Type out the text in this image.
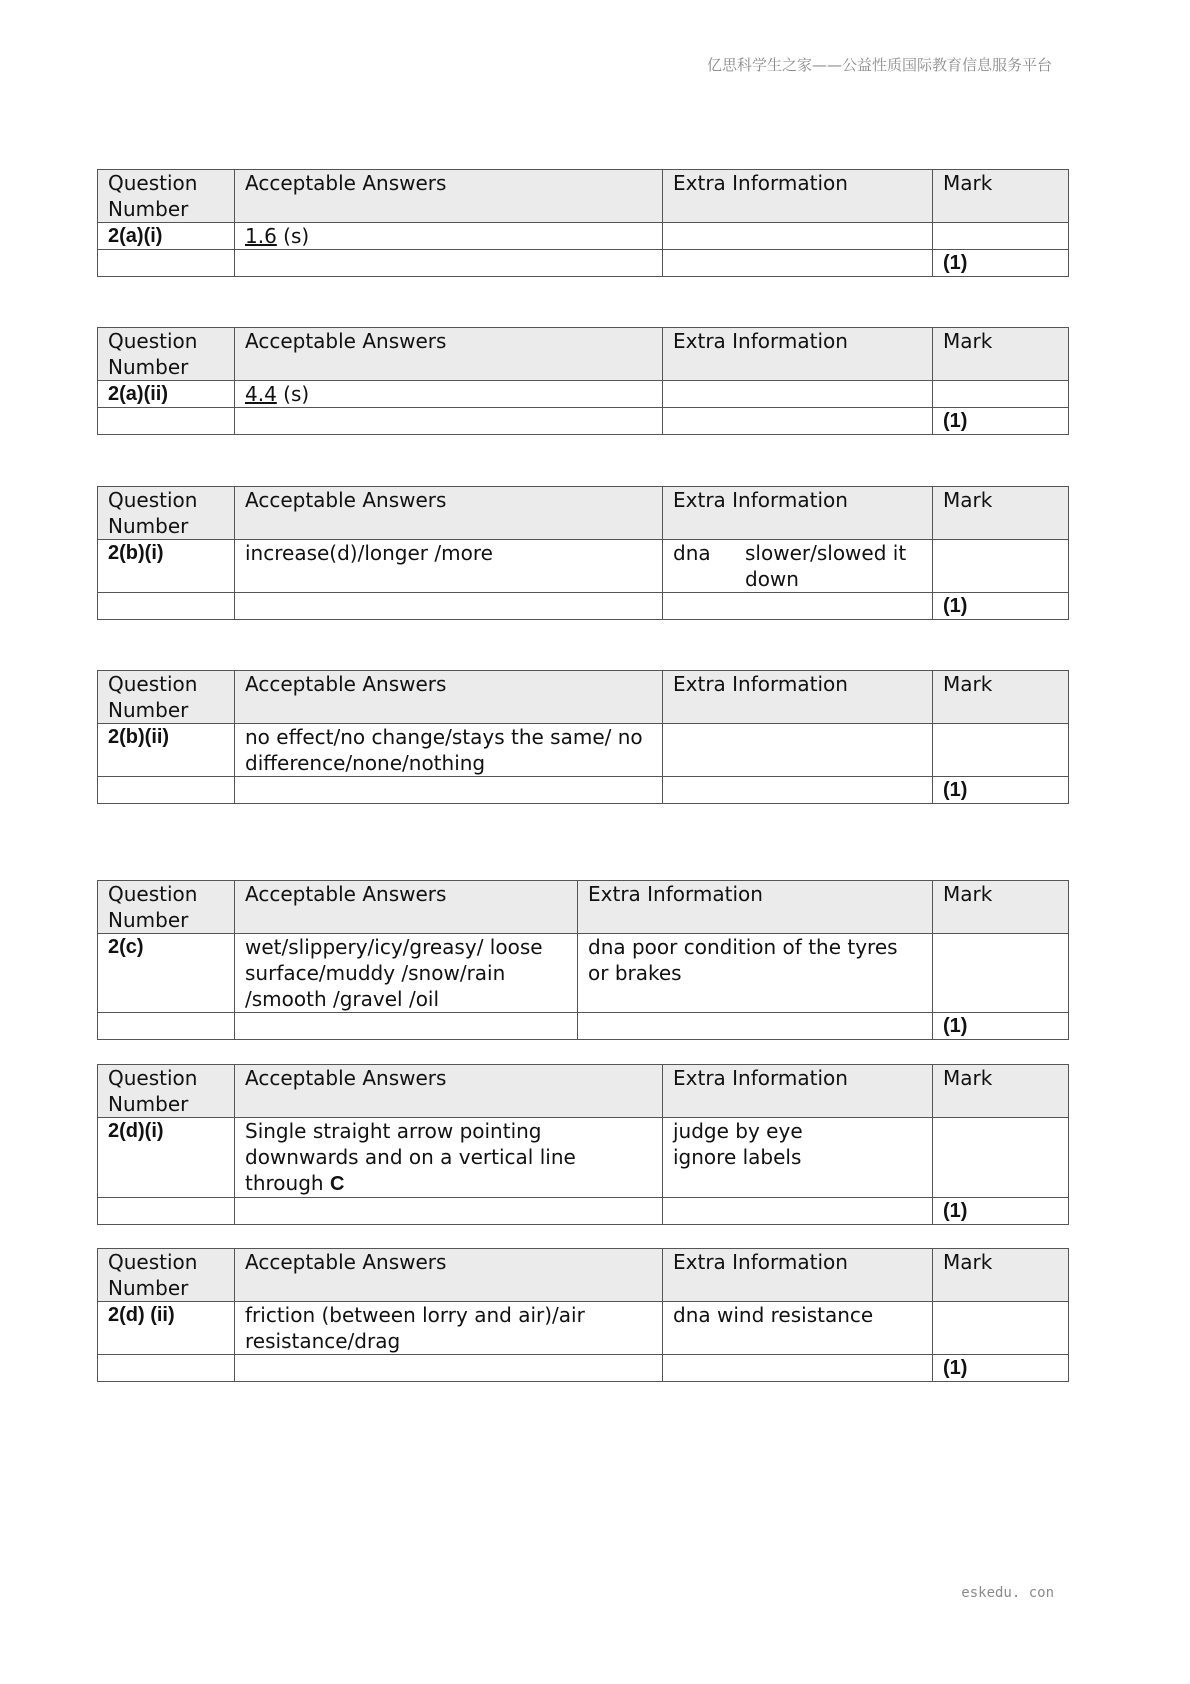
亿思科学生之家——公益性质国际教育信息服务平台
Question Number	Acceptable Answers	Extra Information	Mark
2(a)(i)	1.6 (s)		
			(1)
Question Number	Acceptable Answers	Extra Information	Mark
2(a)(ii)	4.4 (s)		
			(1)
Question Number	Acceptable Answers	Extra Information	Mark
2(b)(i)	increase(d)/longer /more	dna slower/slowed it down	
			(1)
Question Number	Acceptable Answers	Extra Information	Mark
2(b)(ii)	no effect/no change/stays the same/ no difference/none/nothing		
			(1)
Question Number	Acceptable Answers	Extra Information	Mark
2(c)	wet/slippery/icy/greasy/ loose surface/muddy /snow/rain /smooth /gravel /oil	dna poor condition of the tyres or brakes	
			(1)
Question Number	Acceptable Answers	Extra Information	Mark
2(d)(i)	Single straight arrow pointing downwards and on a vertical line through C	judge by eye
ignore labels	

			(1)
Question Number	Acceptable Answers	Extra Information	Mark
2(d) (ii)	friction (between lorry and air)/air resistance/drag	dna wind resistance	
			(1)
eskedu. con
